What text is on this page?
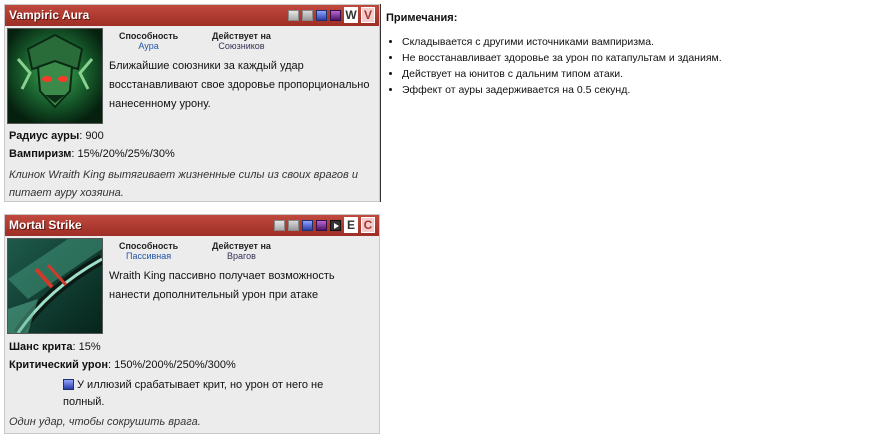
Vampiric Aura	W V
Способность
Аура
Действует на
Союзников
Ближайшие союзники за каждый удар восстанавливают свое здоровье пропорционально нанесенному урону.
Радиус ауры: 900
Вампиризм: 15%/20%/25%/30%
Клинок Wraith King вытягивает жизненные силы из своих врагов и питает ауру хозяина.
Примечания:
• Складывается с другими источниками вампиризма.
• Не восстанавливает здоровье за урон по катапультам и зданиям.
• Действует на юнитов с дальним типом атаки.
• Эффект от ауры задерживается на 0.5 секунд.
Mortal Strike	E C
Способность
Пассивная
Действует на
Врагов
Wraith King пассивно получает возможность нанести дополнительный урон при атаке
Шанс крита: 15%
Критический урон: 150%/200%/250%/300%
У иллюзий срабатывает крит, но урон от него не полный.
Один удар, чтобы сокрушить врага.
